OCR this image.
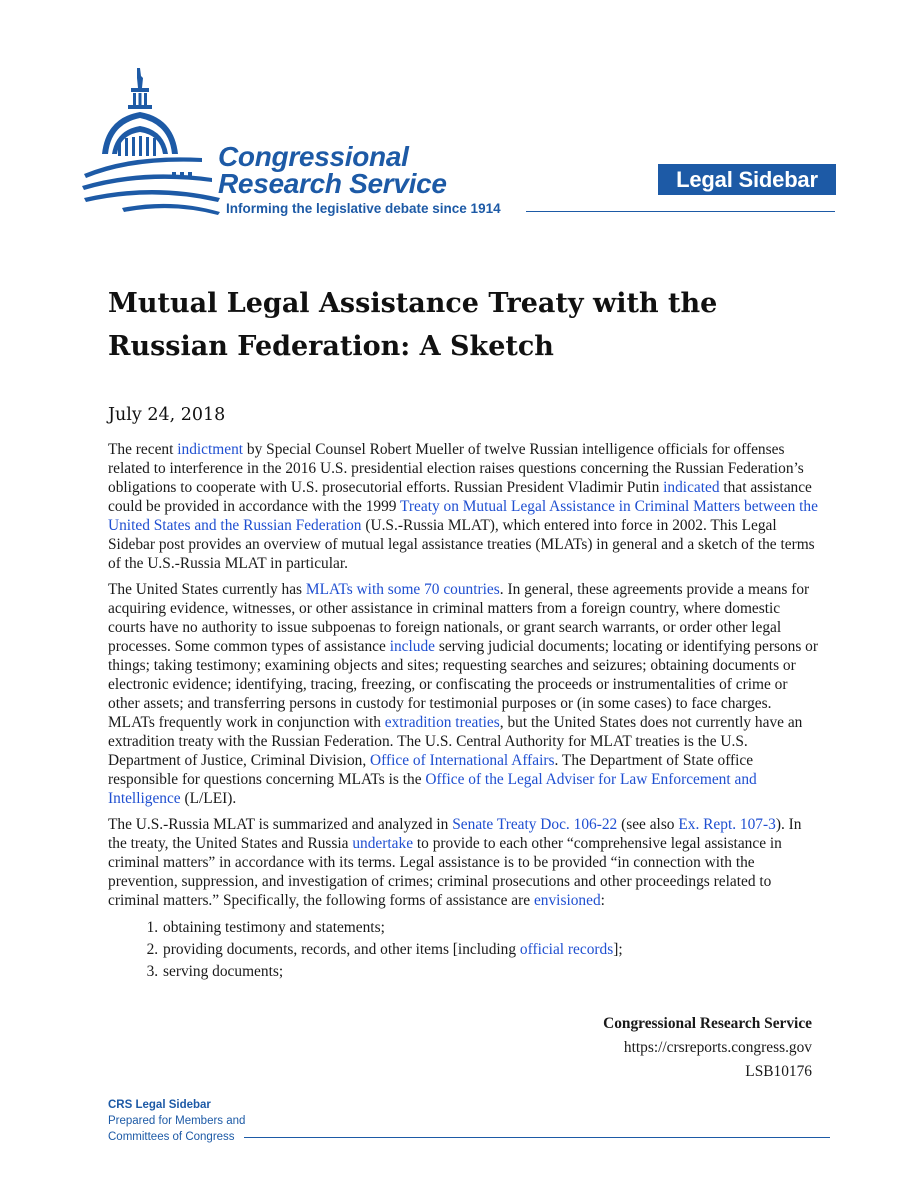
Congressional
Research Service
Informing the legislative debate since 1914
Legal Sidebar
Mutual Legal Assistance Treaty with the Russian Federation: A Sketch
July 24, 2018

The recent indictment by Special Counsel Robert Mueller of twelve Russian intelligence officials for offenses related to interference in the 2016 U.S. presidential election raises questions concerning the Russian Federation’s obligations to cooperate with U.S. prosecutorial efforts. Russian President Vladimir Putin indicated that assistance could be provided in accordance with the 1999 Treaty on Mutual Legal Assistance in Criminal Matters between the United States and the Russian Federation (U.S.-Russia MLAT), which entered into force in 2002. This Legal Sidebar post provides an overview of mutual legal assistance treaties (MLATs) in general and a sketch of the terms of the U.S.-Russia MLAT in particular.

The United States currently has MLATs with some 70 countries. In general, these agreements provide a means for acquiring evidence, witnesses, or other assistance in criminal matters from a foreign country, where domestic courts have no authority to issue subpoenas to foreign nationals, or grant search warrants, or order other legal processes. Some common types of assistance include serving judicial documents; locating or identifying persons or things; taking testimony; examining objects and sites; requesting searches and seizures; obtaining documents or electronic evidence; identifying, tracing, freezing, or confiscating the proceeds or instrumentalities of crime or other assets; and transferring persons in custody for testimonial purposes or (in some cases) to face charges. MLATs frequently work in conjunction with extradition treaties, but the United States does not currently have an extradition treaty with the Russian Federation. The U.S. Central Authority for MLAT treaties is the U.S. Department of Justice, Criminal Division, Office of International Affairs. The Department of State office responsible for questions concerning MLATs is the Office of the Legal Adviser for Law Enforcement and Intelligence (L/LEI).

The U.S.-Russia MLAT is summarized and analyzed in Senate Treaty Doc. 106-22 (see also Ex. Rept. 107-3). In the treaty, the United States and Russia undertake to provide to each other “comprehensive legal assistance in criminal matters” in accordance with its terms. Legal assistance is to be provided “in connection with the prevention, suppression, and investigation of crimes; criminal prosecutions and other proceedings related to criminal matters.” Specifically, the following forms of assistance are envisioned:

1. obtaining testimony and statements;
2. providing documents, records, and other items [including official records];
3. serving documents;
Congressional Research Service
https://crsreports.congress.gov
LSB10176
CRS Legal Sidebar
Prepared for Members and
Committees of Congress
